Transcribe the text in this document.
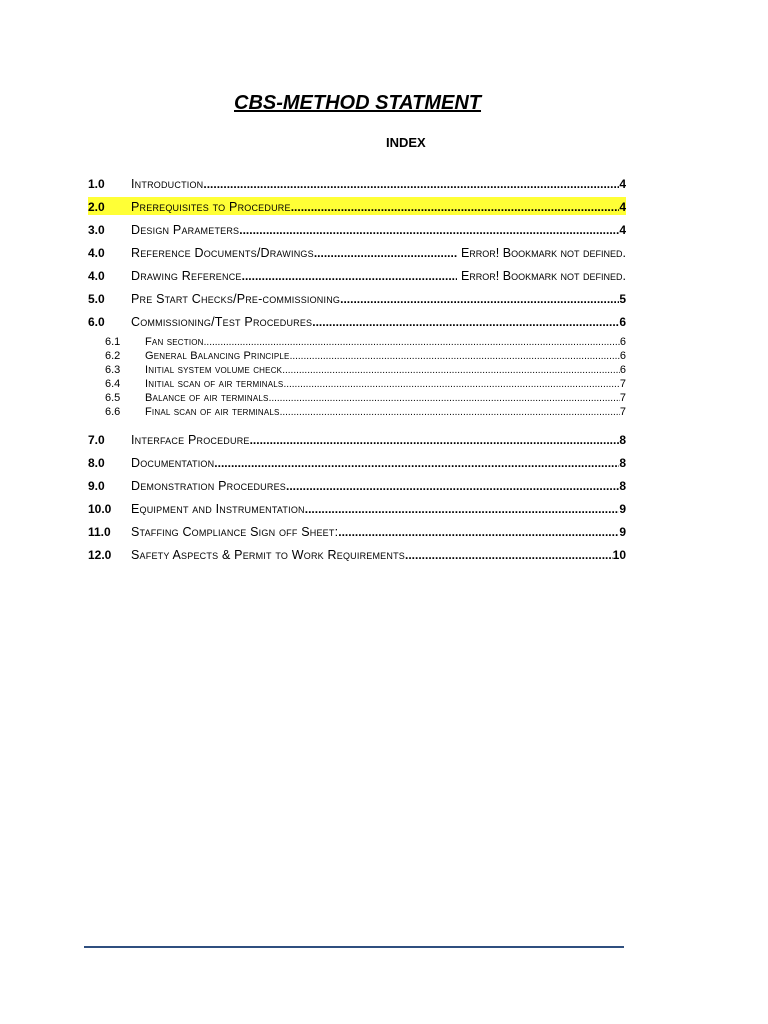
CBS-METHOD STATMENT
INDEX
1.0	Introduction .....	4
2.0	Prerequisites to Procedure .....	4
3.0	Design Parameters .....	4
4.0	Reference Documents/Drawings .....	Error! Bookmark not defined.
4.0	Drawing Reference .....	Error! Bookmark not defined.
5.0	Pre Start Checks/Pre-commissioning .....	5
6.0	Commissioning/Test Procedures .....	6
6.1	Fan section .....	6
6.2	General Balancing Principle .....	6
6.3	Initial system volume check .....	6
6.4	Initial scan of air terminals .....	7
6.5	Balance of air terminals .....	7
6.6	Final scan of air terminals .....	7
7.0	Interface Procedure .....	8
8.0	Documentation .....	8
9.0	Demonstration Procedures .....	8
10.0	Equipment and Instrumentation .....	9
11.0	Staffing Compliance Sign off Sheet: .....	9
12.0	Safety Aspects & Permit to Work Requirements .....	10
